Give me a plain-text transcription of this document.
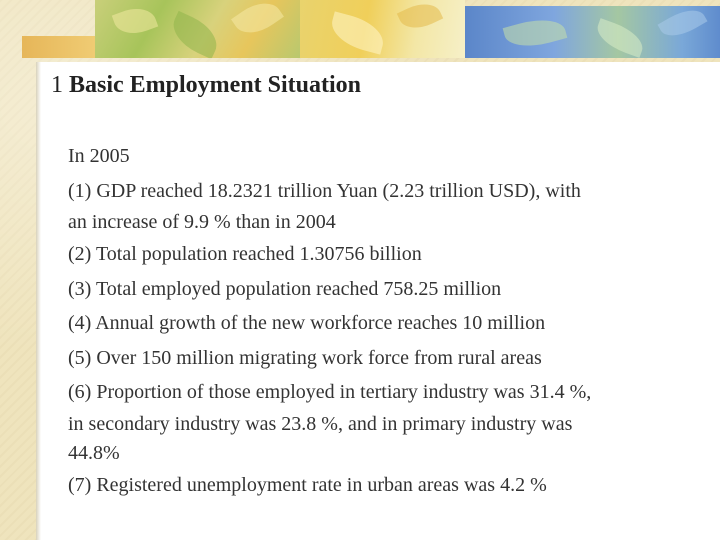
1 Basic Employment Situation

In 2005

(1) GDP reached 18.2321 trillion Yuan (2.23 trillion USD), with
an increase of 9.9 % than in 2004

(2) Total population reached 1.30756 billion

(3) Total employed population reached 758.25 million

(4) Annual growth of the new workforce reaches 10 million

(5) Over 150 million migrating work force from rural areas

(6) Proportion of those employed in tertiary industry was 31.4 %,
in secondary industry was 23.8 %, and in primary industry was
44.8%

(7) Registered unemployment rate in urban areas was 4.2 %
